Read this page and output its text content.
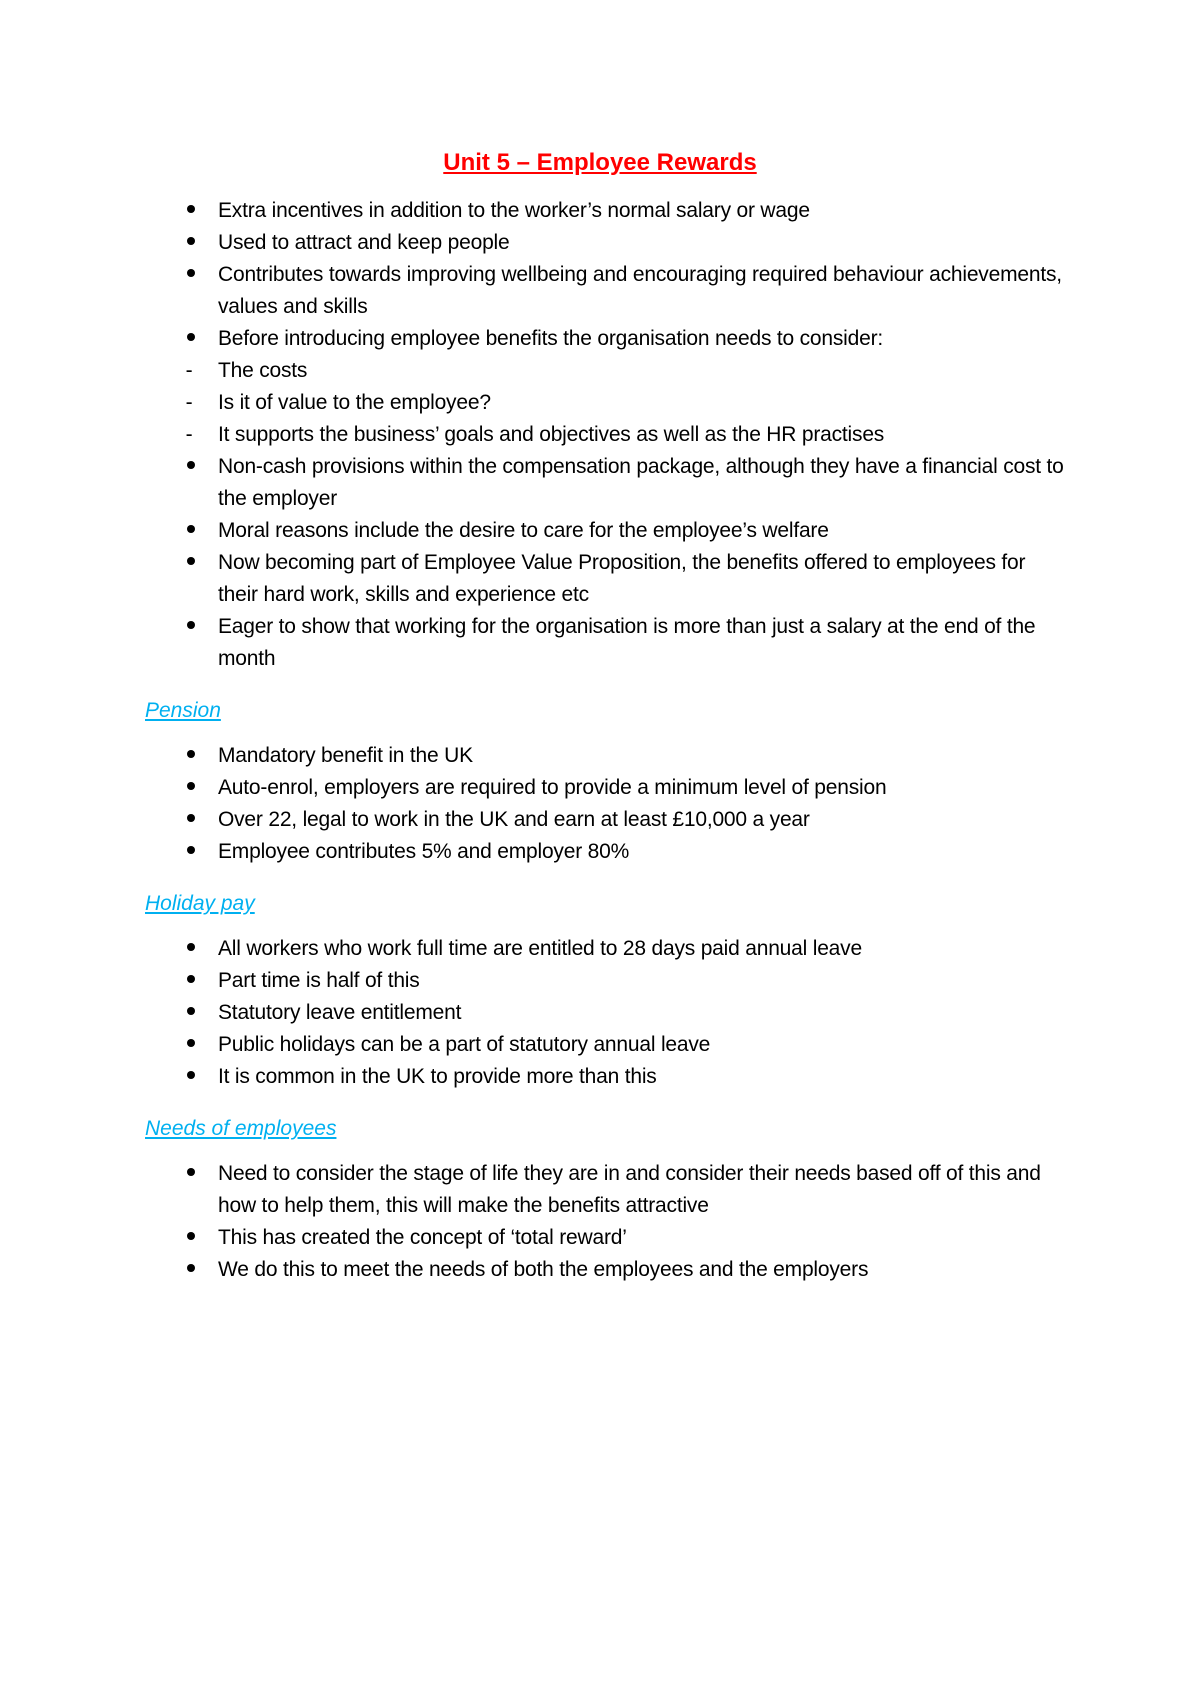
Unit 5 – Employee Rewards
Extra incentives in addition to the worker’s normal salary or wage
Used to attract and keep people
Contributes towards improving wellbeing and encouraging required behaviour achievements, values and skills
Before introducing employee benefits the organisation needs to consider:
- The costs
- Is it of value to the employee?
- It supports the business’ goals and objectives as well as the HR practises
Non-cash provisions within the compensation package, although they have a financial cost to the employer
Moral reasons include the desire to care for the employee’s welfare
Now becoming part of Employee Value Proposition, the benefits offered to employees for their hard work, skills and experience etc
Eager to show that working for the organisation is more than just a salary at the end of the month

Pension

Mandatory benefit in the UK
Auto-enrol, employers are required to provide a minimum level of pension
Over 22, legal to work in the UK and earn at least £10,000 a year
Employee contributes 5% and employer 80%

Holiday pay

All workers who work full time are entitled to 28 days paid annual leave
Part time is half of this
Statutory leave entitlement
Public holidays can be a part of statutory annual leave
It is common in the UK to provide more than this

Needs of employees

Need to consider the stage of life they are in and consider their needs based off of this and how to help them, this will make the benefits attractive
This has created the concept of ‘total reward’
We do this to meet the needs of both the employees and the employers
